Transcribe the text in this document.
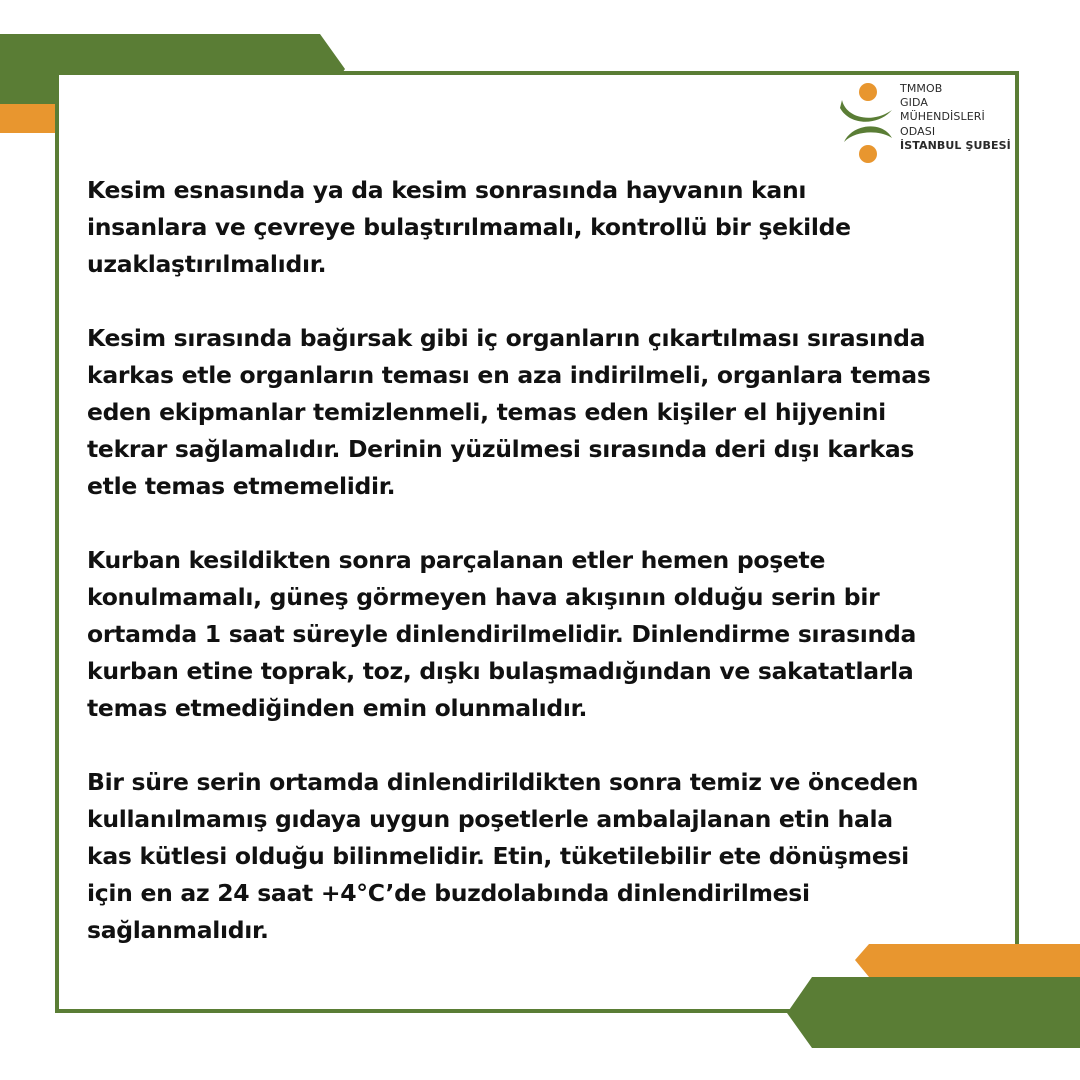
TMMOB
GIDA
MÜHENDİSLERİ
ODASI
İSTANBUL ŞUBESİ

Kesim esnasında ya da kesim sonrasında hayvanın kanı
insanlara ve çevreye bulaştırılmamalı, kontrollü bir şekilde
uzaklaştırılmalıdır.

Kesim sırasında bağırsak gibi iç organların çıkartılması sırasında
karkas etle organların teması en aza indirilmeli, organlara temas
eden ekipmanlar temizlenmeli, temas eden kişiler el hijyenini
tekrar sağlamalıdır. Derinin yüzülmesi sırasında deri dışı karkas
etle temas etmemelidir.

Kurban kesildikten sonra parçalanan etler hemen poşete
konulmamalı, güneş görmeyen hava akışının olduğu serin bir
ortamda 1 saat süreyle dinlendirilmelidir. Dinlendirme sırasında
kurban etine toprak, toz, dışkı bulaşmadığından ve sakatatlarla
temas etmediğinden emin olunmalıdır.

Bir süre serin ortamda dinlendirildikten sonra temiz ve önceden
kullanılmamış gıdaya uygun poşetlerle ambalajlanan etin hala
kas kütlesi olduğu bilinmelidir. Etin, tüketilebilir ete dönüşmesi
için en az 24 saat +4°C’de buzdolabında dinlendirilmesi
sağlanmalıdır.
